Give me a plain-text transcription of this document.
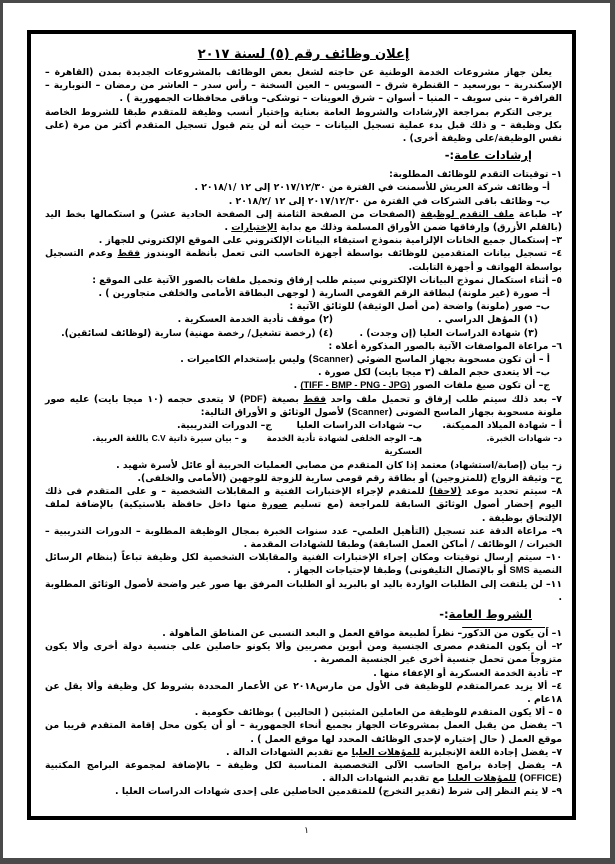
إعلان وظائف رقم (٥) لسنة ٢٠١٧

يعلن جهاز مشروعات الخدمة الوطنية عن حاجته لشغل بعض الوظائف بالمشروعات الجديدة بمدن (القاهرة – الإسكندرية – بورسعيد – القنطرة شرق – السويس – العين السخنة – رأس سدر – العاشر من رمضان – النوبارية – الفرافرة – بنى سويف – المنيا – أسوان – شرق العوينات – توشكى– وباقى محافظات الجمهورية ) .

يرجى التكرم بمراجعة الإرشادات والشروط العامة بعناية وإختيار أنسب وظيفة للمتقدم طبقا للشروط الخاصة بكل وظيفة – و ذلك قبل بدء عملية تسجيل البيانات – حيث أنه لن يتم قبول تسجيل المتقدم أكثر من مرة (على نفس الوظيفة/على وظيفة أخرى) .

إرشادات عامة:-

١– توقيتات التقدم للوظائف المطلوبة:

أ– وظائف شركة العريش للأسمنت في الفترة من ٢٠١٧/١٢/٣٠ إلى ١٢ /٢٠١٨/١ .

ب– وظائف باقى الشركات في الفترة من ٢٠١٧/١٢/٣٠ إلى ١٢ /٢٠١٨/٢ .

٢– طباعة ملف التقدم لوظيفة (الصفحات من الصفحة الثامنة إلى الصفحة الحادية عشر) و استكمالها بخط اليد (بالقلم الأزرق) وإرفاقها ضمن الأوراق المسلمة وذلك مع بداية الإختبارات .

٣– إستكمال جميع الخانات الإلزامية بنموذج استيفاء البيانات الإلكتروني على الموقع الإلكتروني للجهاز .

٤– تسجيل بيانات المتقدمين للوظائف بواسطة أجهزة الحاسب التى تعمل بأنظمة الويندوز فقط وعدم التسجيل بواسطة الهواتف و أجهزة التابلت.

٥– أثناء استكمال نموذج البيانات الإلكتروني سيتم طلب إرفاق وتحميل ملفات بالصور الآتية على الموقع :

أ– صورة (غير ملونة) لبطاقة الرقم القومي السارية ( لوجهى البطاقة الأمامى والخلفى متجاورين ) .

ب– صور (ملونة) واضحة (من أصل الوثيقة) للوثائق الآتية :

(١) المؤهل الدراسي .
(٢) موقف تأدية الخدمة العسكرية .
(٣) شهادة الدراسات العليا (إن وجدت) .
(٤) (رخصة تشغيل/ رخصة مهنية) سارية (لوظائف لسائقين).

٦– مراعاة المواصفات الآتية بالصور المذكورة أعلاه :

أ – أن تكون مسحوبة بجهاز الماسح الضوئي (Scanner) وليس بإستخدام الكاميرات .

ب– ألا يتعدى حجم الملف (٣ ميجا بايت) لكل صورة .

ج– أن تكون صيغ ملفات الصور (TIFF - BMP - PNG - JPG) .

٧– بعد ذلك سيتم طلب إرفاق و تحميل ملف واحد فقط بصيغة (PDF) لا يتعدى حجمه (١٠ ميجا بايت) عليه صور ملونة مسحوبة بجهاز الماسح الضونى (Scanner) لأصول الوثائق و الأوراق التالية:

أ – شهادة الميلاد المميكنة.
ب– شهادات الدراسات العليا
ج– الدورات التدريبية.
د– شهادات الخبرة.
هـ– الوجه الخلفى لشهادة تأدية الخدمة العسكرية
و – بيان سيرة ذاتية C.V باللغة العربية.

ز– بيان (إصابة/استشهاد) معتمد إذا كان المتقدم من مصابي العمليات الحربية أو عائل لأسرة شهيد .

ح– وثيقة الزواج (للمتزوجين) أو بطاقة رقم قومى سارية للزوجة للوجهين (الأمامى والخلفى).

٨– سيتم تحديد موعد (لاحقا) للمتقدم لإجراء الإختبارات الفنية و المقابلات الشخصية – و على المتقدم فى ذلك اليوم إحضار أصول الوثائق السابقة للمراجعة (مع تسليم صورة منها داخل حافظة بلاستيكية) بالإضافة لملف الإلتحاق بوظيفة .

٩– مراعاة الدقة عند تسجيل (التأهيل العلمي– عدد سنوات الخبرة بمجال الوظيفة المطلوبة – الدورات التدريبية – الخبرات / الوظائف / أماكن العمل السابقة) وطبقا للشهادات المقدمة .

١٠– سيتم إرسال توقيتات ومكان إجراء الإختبارات الفنية والمقابلات الشخصية لكل وظيفة تباعاً (بنظام الرسائل النصية SMS أو بالإتصال التليفونى) وطبقا لإحتياجات الجهاز .

١١– لن يلتفت إلى الطلبات الواردة باليد او بالبريد أو الطلبات المرفق بها صور غير واضحة لأصول الوثائق المطلوبة .

الشروط العامة:-

١– أن يكون من الذكور– نظراً لطبيعة مواقع العمل و البعد النسبى عن المناطق المأهولة .

٢– أن يكون المتقدم مصرى الجنسية ومن أبوين مصريين وألا يكونو حاصلين على جنسية دولة أخرى وألا يكون متزوجاً ممن تحمل جنسية أخرى غير الجنسية المصرية .

٣– تأدية الخدمة العسكرية أو الإعفاء منها .

٤– ألا يزيد عمرالمتقدم للوظيفة فى الأول من مارس٢٠١٨ عن الأعمار المحددة بشروط كل وظيفة وألا يقل عن ١٨عام .

٥ – ألا يكون المتقدم للوظيفة من العاملين المثبتين ( الحاليين ) بوظائف حكومية .

٦– يفضل من يقبل العمل بمشروعات الجهاز بجميع أنحاء الجمهورية – أو أن يكون محل إقامة المتقدم قريبا من موقع العمل ( حال إختياره لإحدى الوظائف المحدد لها موقع العمل ) .

٧– يفضل إجادة اللغة الإنجليزية للمؤهلات العليا مع تقديم الشهادات الدالة .

٨– يفضل إجادة برامج الحاسب الآلى التخصصية المناسبة لكل وظيفة – بالإضافة لمجموعة البرامج المكتبية (OFFICE) للمؤهلات العليا مع تقديم الشهادات الدالة .

٩– لا يتم النظر إلى شرط (تقدير التخرج) للمتقدمين الحاصلين على إحدى شهادات الدراسات العليا .

١
